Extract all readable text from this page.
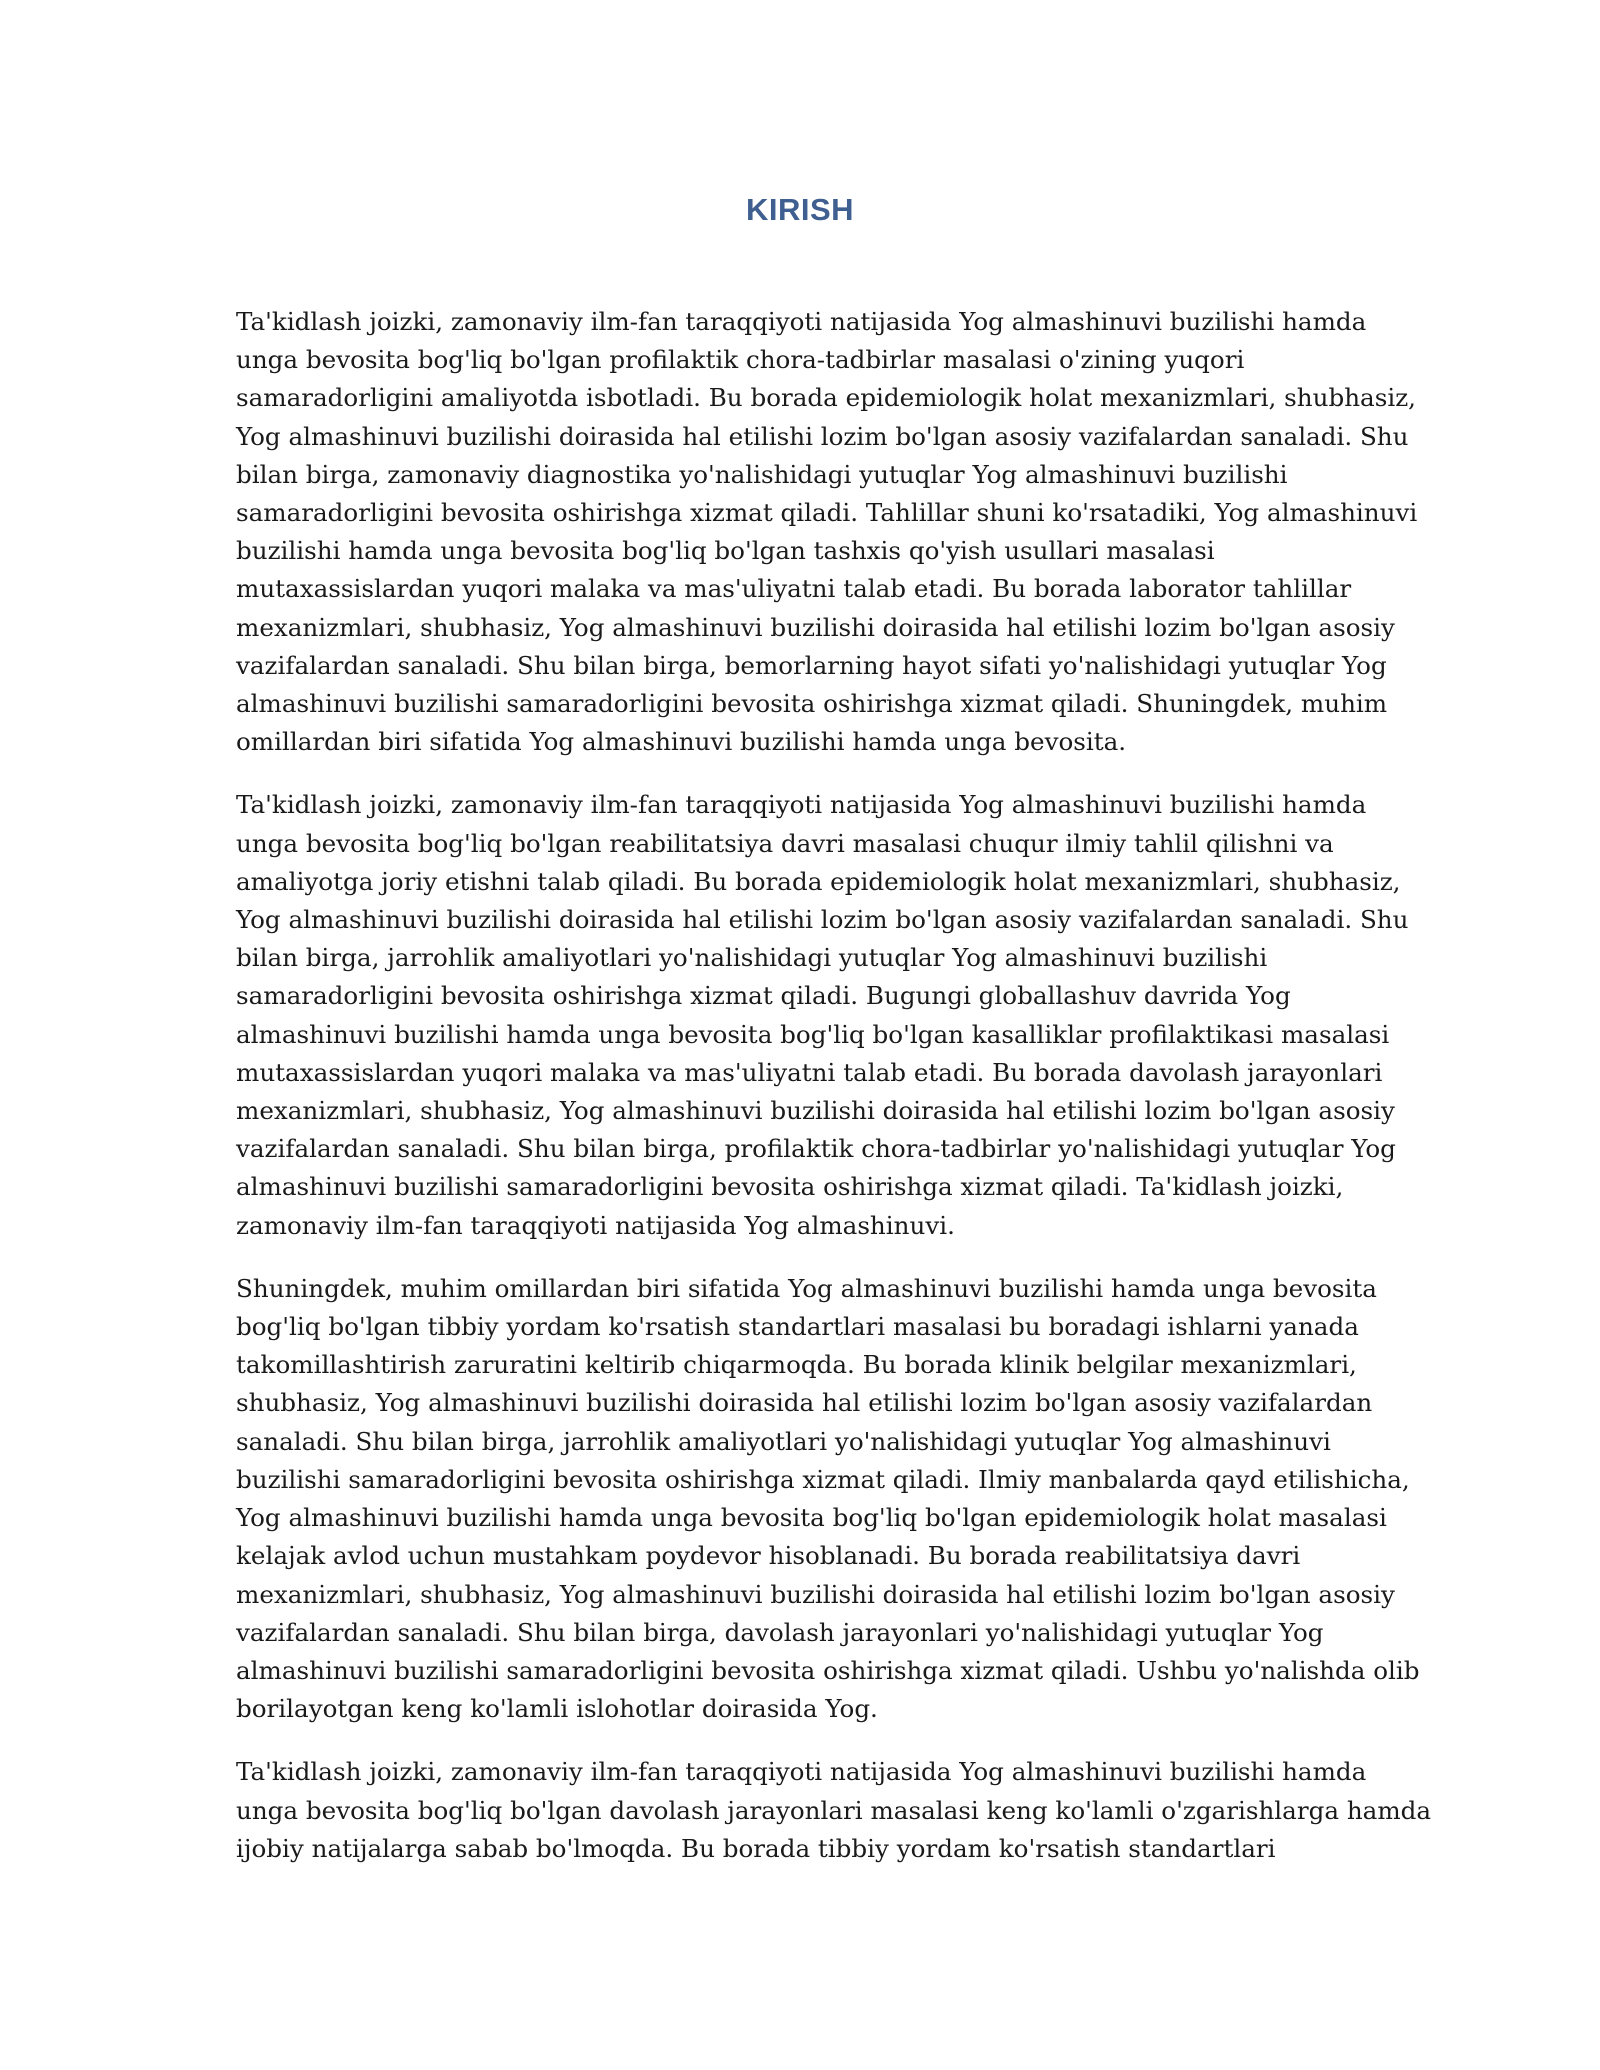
KIRISH

Ta'kidlash joizki, zamonaviy ilm-fan taraqqiyoti natijasida Yog almashinuvi buzilishi hamda
unga bevosita bog'liq bo'lgan profilaktik chora-tadbirlar masalasi o'zining yuqori
samaradorligini amaliyotda isbotladi. Bu borada epidemiologik holat mexanizmlari, shubhasiz,
Yog almashinuvi buzilishi doirasida hal etilishi lozim bo'lgan asosiy vazifalardan sanaladi. Shu
bilan birga, zamonaviy diagnostika yo'nalishidagi yutuqlar Yog almashinuvi buzilishi
samaradorligini bevosita oshirishga xizmat qiladi. Tahlillar shuni ko'rsatadiki, Yog almashinuvi
buzilishi hamda unga bevosita bog'liq bo'lgan tashxis qo'yish usullari masalasi
mutaxassislardan yuqori malaka va mas'uliyatni talab etadi. Bu borada laborator tahlillar
mexanizmlari, shubhasiz, Yog almashinuvi buzilishi doirasida hal etilishi lozim bo'lgan asosiy
vazifalardan sanaladi. Shu bilan birga, bemorlarning hayot sifati yo'nalishidagi yutuqlar Yog
almashinuvi buzilishi samaradorligini bevosita oshirishga xizmat qiladi. Shuningdek, muhim
omillardan biri sifatida Yog almashinuvi buzilishi hamda unga bevosita.

Ta'kidlash joizki, zamonaviy ilm-fan taraqqiyoti natijasida Yog almashinuvi buzilishi hamda
unga bevosita bog'liq bo'lgan reabilitatsiya davri masalasi chuqur ilmiy tahlil qilishni va
amaliyotga joriy etishni talab qiladi. Bu borada epidemiologik holat mexanizmlari, shubhasiz,
Yog almashinuvi buzilishi doirasida hal etilishi lozim bo'lgan asosiy vazifalardan sanaladi. Shu
bilan birga, jarrohlik amaliyotlari yo'nalishidagi yutuqlar Yog almashinuvi buzilishi
samaradorligini bevosita oshirishga xizmat qiladi. Bugungi globallashuv davrida Yog
almashinuvi buzilishi hamda unga bevosita bog'liq bo'lgan kasalliklar profilaktikasi masalasi
mutaxassislardan yuqori malaka va mas'uliyatni talab etadi. Bu borada davolash jarayonlari
mexanizmlari, shubhasiz, Yog almashinuvi buzilishi doirasida hal etilishi lozim bo'lgan asosiy
vazifalardan sanaladi. Shu bilan birga, profilaktik chora-tadbirlar yo'nalishidagi yutuqlar Yog
almashinuvi buzilishi samaradorligini bevosita oshirishga xizmat qiladi. Ta'kidlash joizki,
zamonaviy ilm-fan taraqqiyoti natijasida Yog almashinuvi.

Shuningdek, muhim omillardan biri sifatida Yog almashinuvi buzilishi hamda unga bevosita
bog'liq bo'lgan tibbiy yordam ko'rsatish standartlari masalasi bu boradagi ishlarni yanada
takomillashtirish zaruratini keltirib chiqarmoqda. Bu borada klinik belgilar mexanizmlari,
shubhasiz, Yog almashinuvi buzilishi doirasida hal etilishi lozim bo'lgan asosiy vazifalardan
sanaladi. Shu bilan birga, jarrohlik amaliyotlari yo'nalishidagi yutuqlar Yog almashinuvi
buzilishi samaradorligini bevosita oshirishga xizmat qiladi. Ilmiy manbalarda qayd etilishicha,
Yog almashinuvi buzilishi hamda unga bevosita bog'liq bo'lgan epidemiologik holat masalasi
kelajak avlod uchun mustahkam poydevor hisoblanadi. Bu borada reabilitatsiya davri
mexanizmlari, shubhasiz, Yog almashinuvi buzilishi doirasida hal etilishi lozim bo'lgan asosiy
vazifalardan sanaladi. Shu bilan birga, davolash jarayonlari yo'nalishidagi yutuqlar Yog
almashinuvi buzilishi samaradorligini bevosita oshirishga xizmat qiladi. Ushbu yo'nalishda olib
borilayotgan keng ko'lamli islohotlar doirasida Yog.

Ta'kidlash joizki, zamonaviy ilm-fan taraqqiyoti natijasida Yog almashinuvi buzilishi hamda
unga bevosita bog'liq bo'lgan davolash jarayonlari masalasi keng ko'lamli o'zgarishlarga hamda
ijobiy natijalarga sabab bo'lmoqda. Bu borada tibbiy yordam ko'rsatish standartlari
